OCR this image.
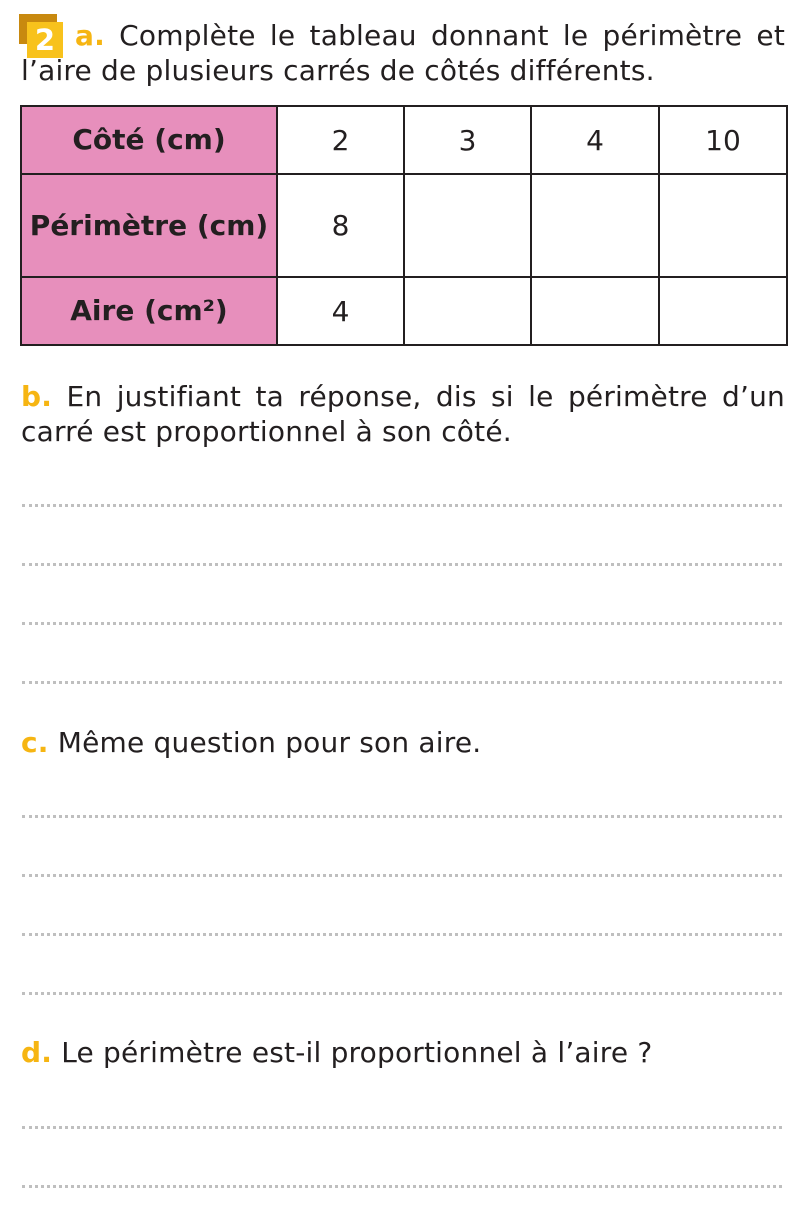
2 a. Complète le tableau donnant le périmètre et l’aire de plusieurs carrés de côtés différents.
Côté (cm)	2	3	4	10
Périmètre (cm)	8			
Aire (cm²)	4			
b. En justifiant ta réponse, dis si le périmètre d’un carré est proportionnel à son côté.
c. Même question pour son aire.
d. Le périmètre est-il proportionnel à l’aire ?
